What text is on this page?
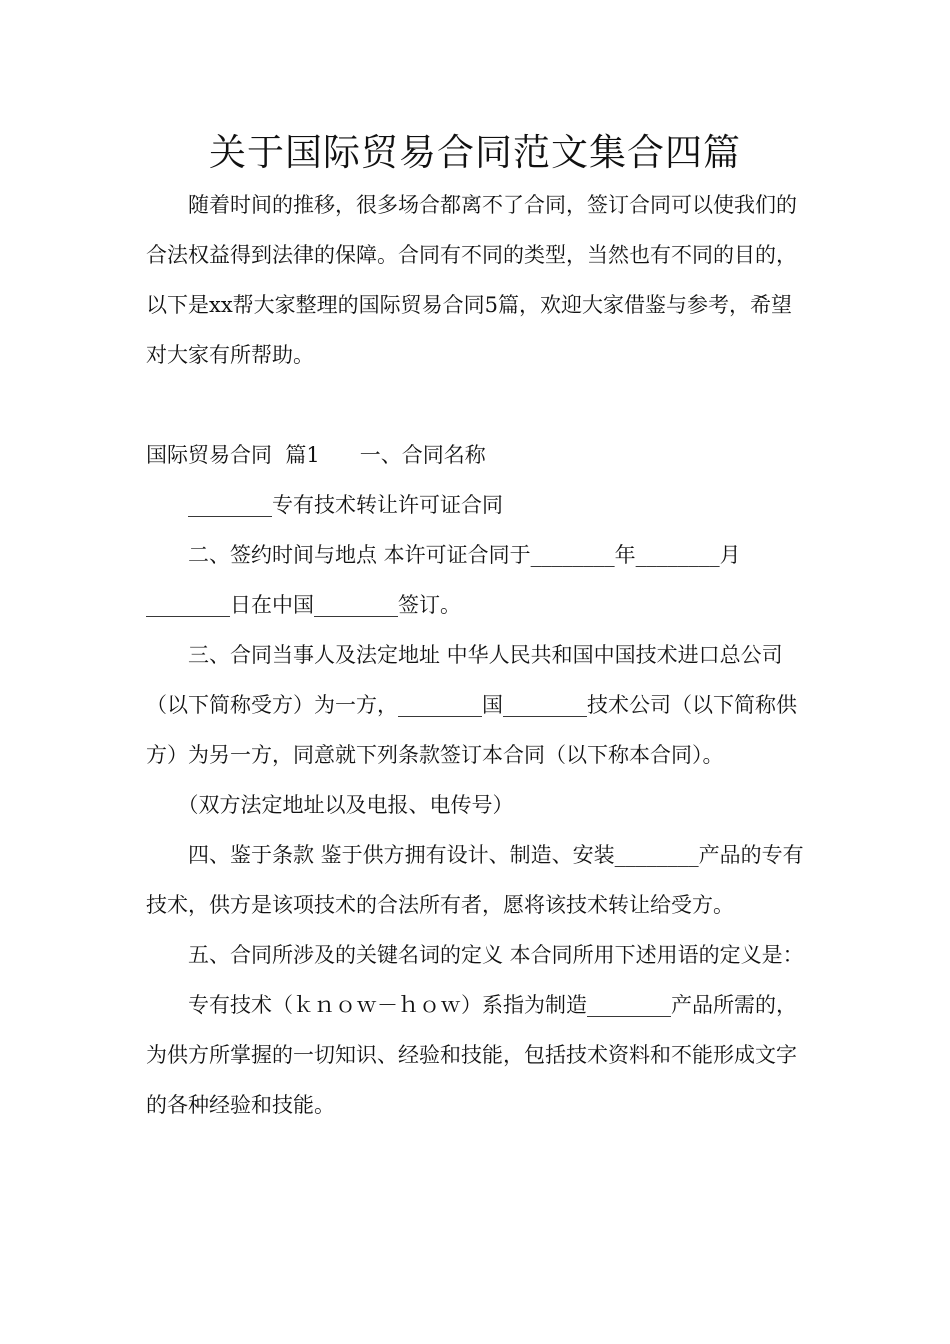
关于国际贸易合同范文集合四篇

随着时间的推移，很多场合都离不了合同，签订合同可以使我们的合法权益得到法律的保障。合同有不同的类型，当然也有不同的目的，以下是xx帮大家整理的国际贸易合同5篇，欢迎大家借鉴与参考，希望对大家有所帮助。

国际贸易合同  篇1      一、合同名称

________专有技术转让许可证合同

二、签约时间与地点 本许可证合同于________年________月________日在中国________签订。

三、合同当事人及法定地址 中华人民共和国中国技术进口总公司（以下简称受方）为一方，________国________技术公司（以下简称供方）为另一方，同意就下列条款签订本合同（以下称本合同）。

（双方法定地址以及电报、电传号）

四、鉴于条款 鉴于供方拥有设计、制造、安装________产品的专有技术，供方是该项技术的合法所有者，愿将该技术转让给受方。

五、合同所涉及的关键名词的定义 本合同所用下述用语的定义是：

专有技术（ｋｎｏｗ－ｈｏｗ）系指为制造________产品所需的，为供方所掌握的一切知识、经验和技能，包括技术资料和不能形成文字的各种经验和技能。
